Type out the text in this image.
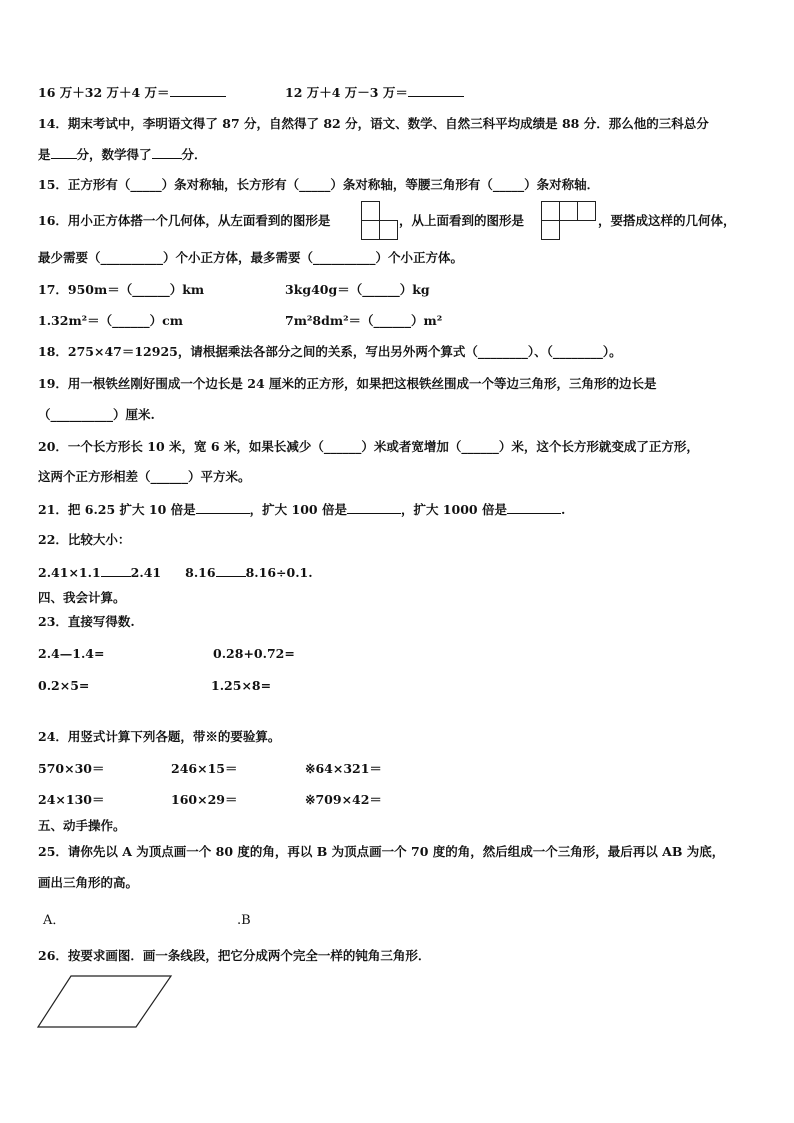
16 万＋32 万＋4 万＝	12 万＋4 万－3 万＝
14．期末考试中，李明语文得了 87 分，自然得了 82 分，语文、数学、自然三科平均成绩是 88 分．那么他的三科总分
是 分，数学得了 分．
15．正方形有（_____）条对称轴，长方形有（_____）条对称轴，等腰三角形有（_____）条对称轴．
16．用小正方体搭一个几何体，从左面看到的图形是	，从上面看到的图形是	，要搭成这样的几何体，
最少需要（__________）个小正方体，最多需要（__________）个小正方体。
17．950m＝（______）km	3kg40g＝（______）kg
1.32m²＝（______）cm	7m²8dm²＝（______）m²
18．275×47＝12925，请根据乘法各部分之间的关系，写出另外两个算式（________）、（________）。
19．用一根铁丝刚好围成一个边长是 24 厘米的正方形，如果把这根铁丝围成一个等边三角形，三角形的边长是
（__________）厘米.
20．一个长方形长 10 米，宽 6 米，如果长减少（______）米或者宽增加（______）米，这个长方形就变成了正方形，
这两个正方形相差（______）平方米。
21．把 6.25 扩大 10 倍是	，扩大 100 倍是	，扩大 1000 倍是	.
22．比较大小：
2.41×1.1 2.41 8.16 8.16÷0.1.
四、我会计算。
23．直接写得数.
2.4—1.4=	0.28+0.72=
0.2×5=	1.25×8=
24．用竖式计算下列各题，带※的要验算。
570×30＝	246×15＝	※64×321＝
24×130＝	160×29＝	※709×42＝
五、动手操作。
25．请你先以 A 为顶点画一个 80 度的角，再以 B 为顶点画一个 70 度的角，然后组成一个三角形，最后再以 AB 为底，
画出三角形的高。
A．	.B
26．按要求画图．画一条线段，把它分成两个完全一样的钝角三角形．
